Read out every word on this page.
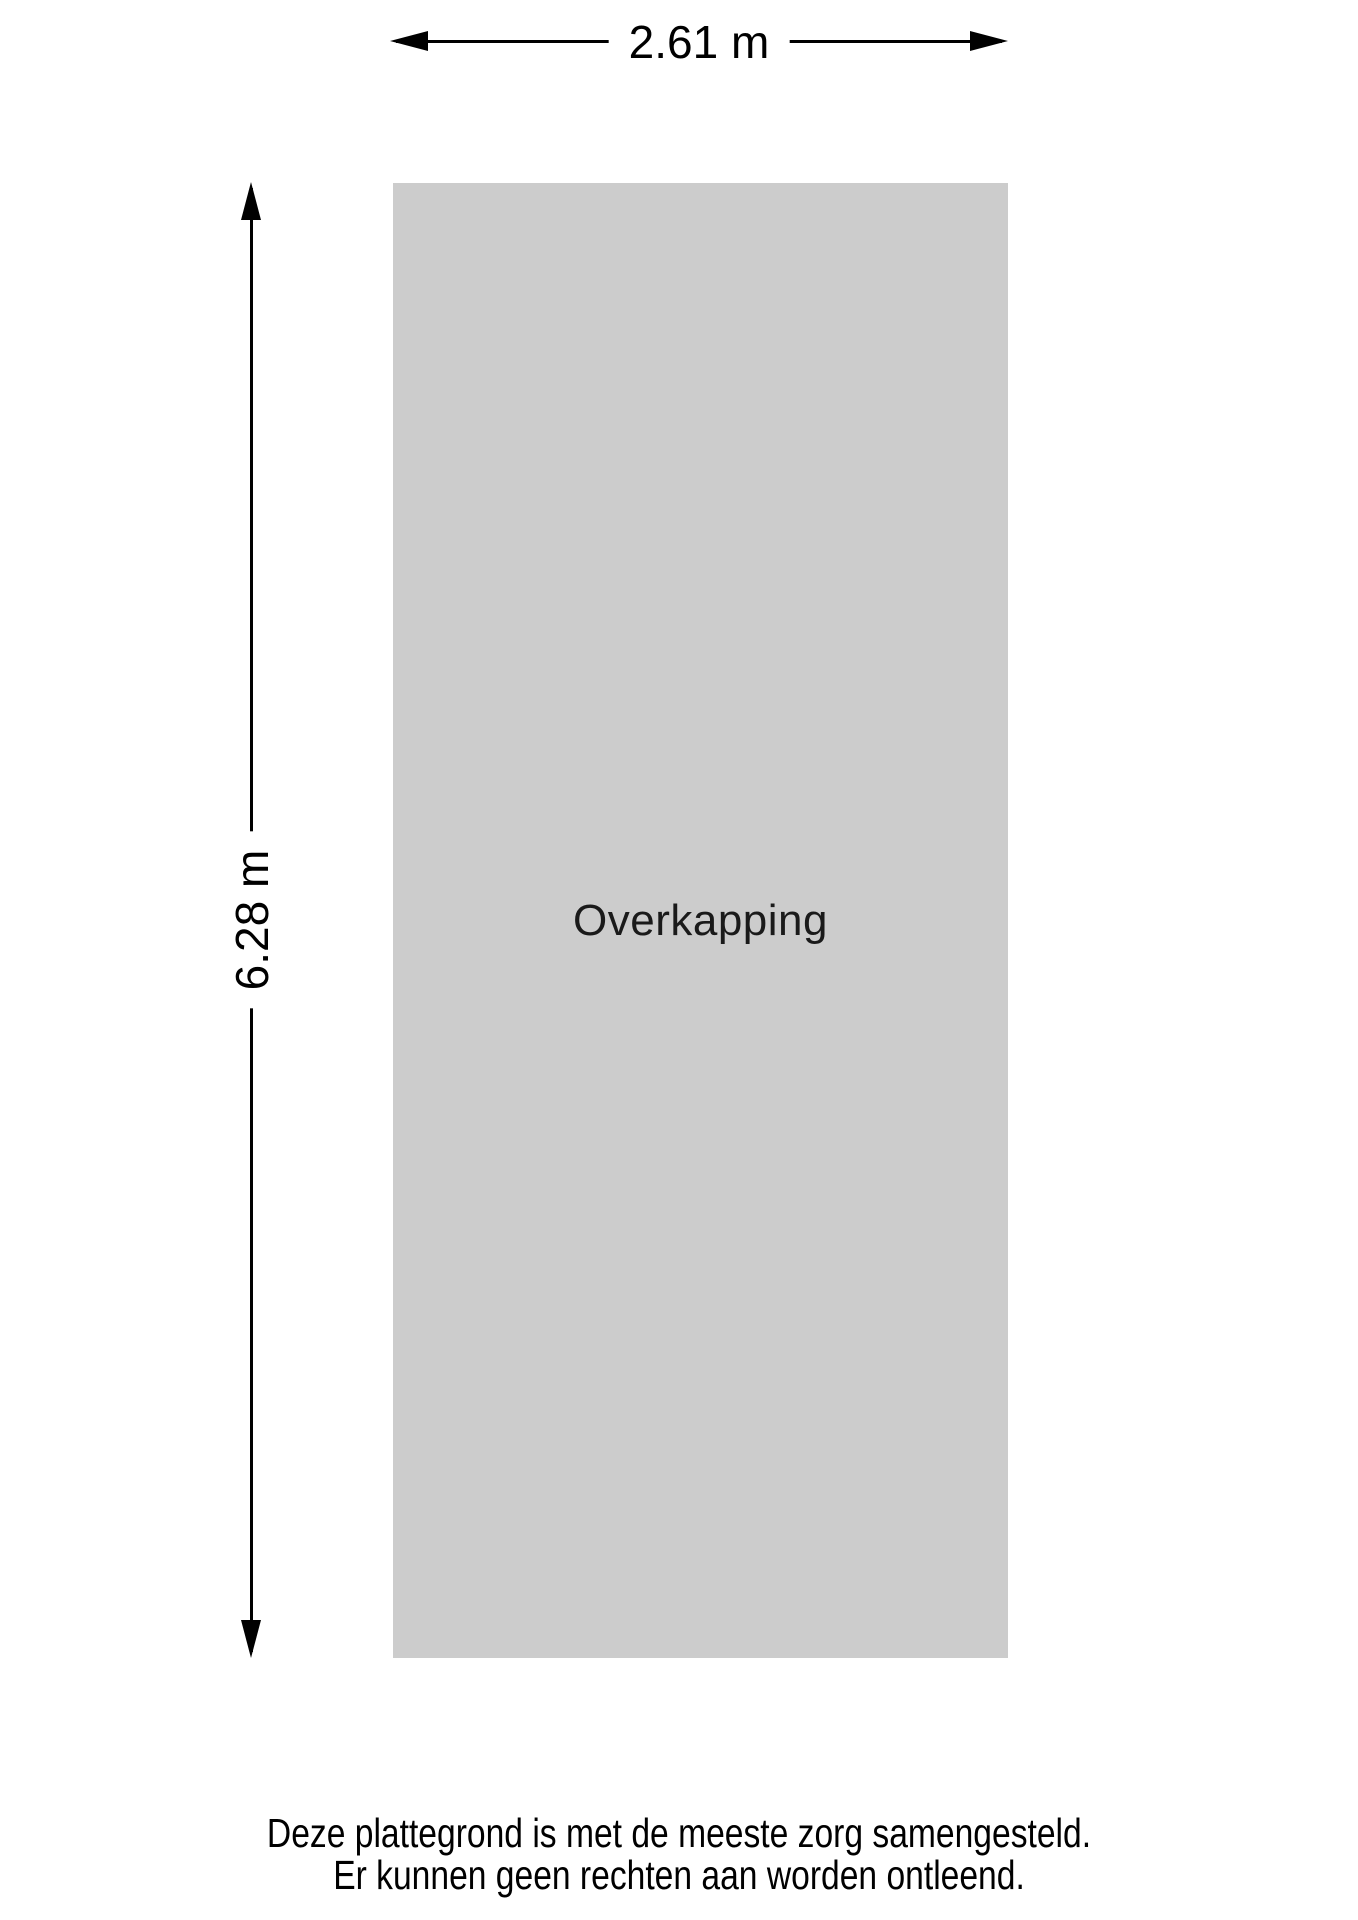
2.61 m
6.28 m	Overkapping
Deze plattegrond is met de meeste zorg samengesteld.
Er kunnen geen rechten aan worden ontleend.
